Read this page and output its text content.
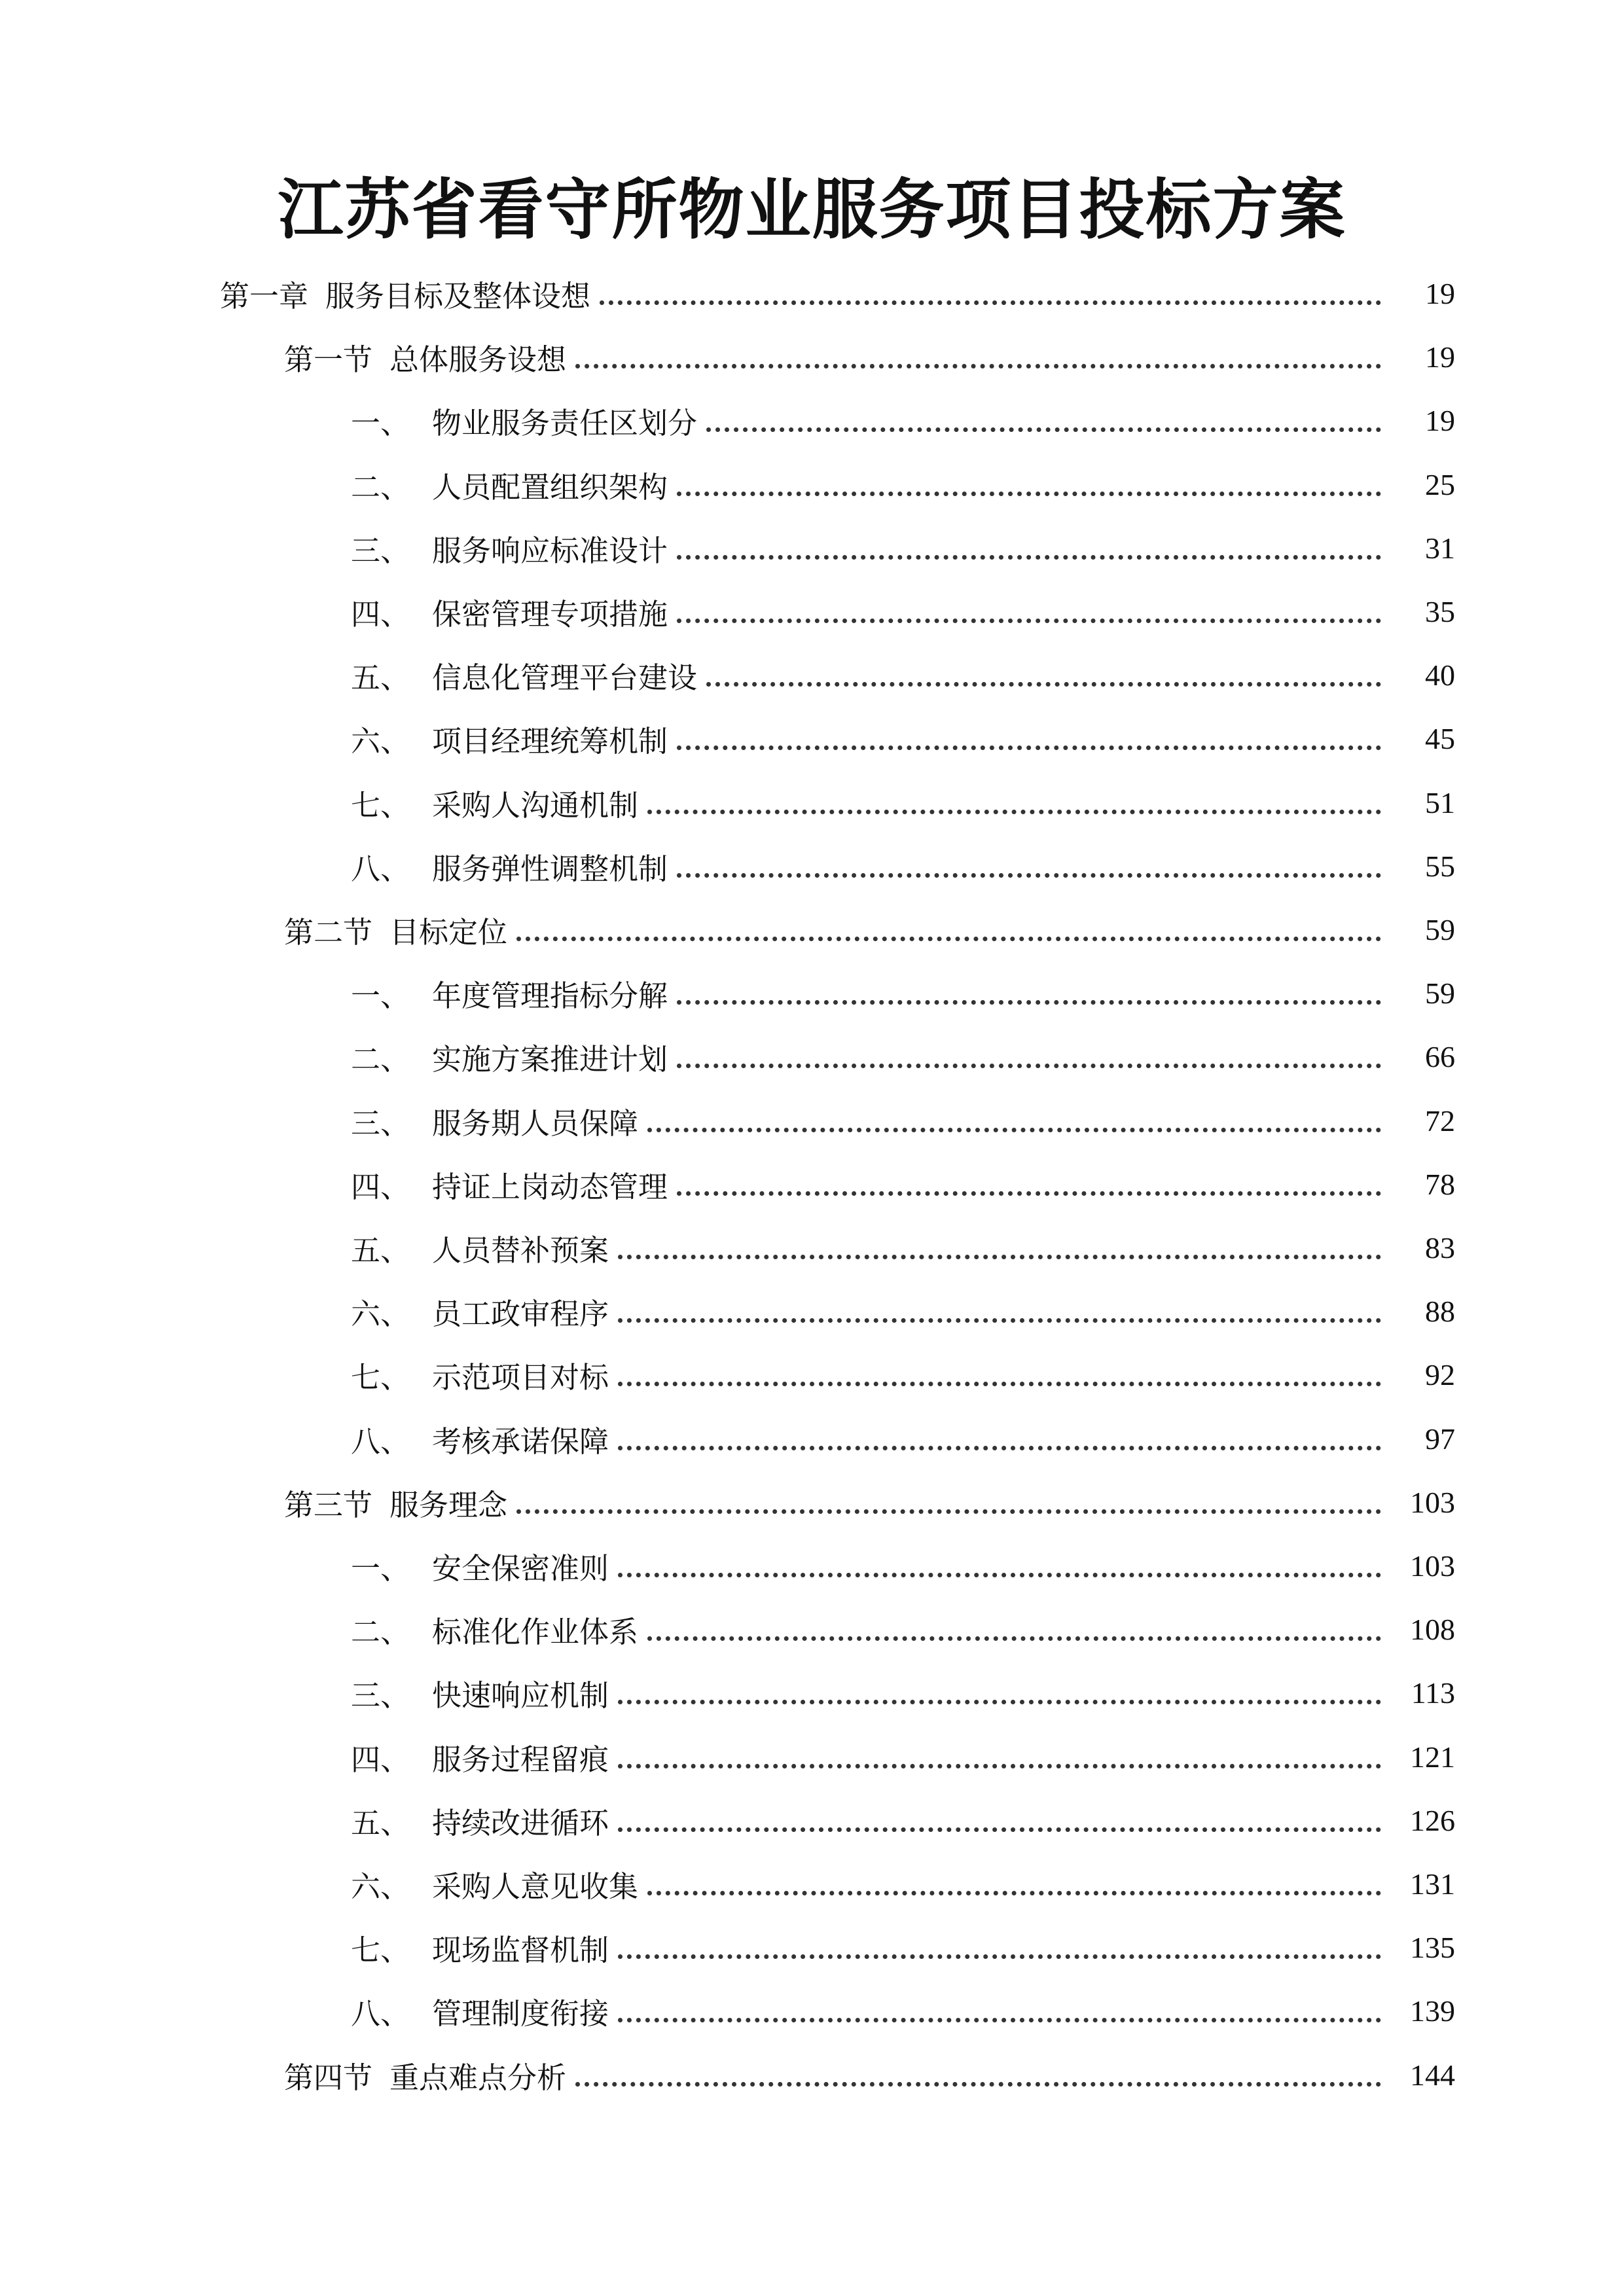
江苏省看守所物业服务项目投标方案
第一章 服务目标及整体设想	19
第一节 总体服务设想	19
一、 物业服务责任区划分	19
二、 人员配置组织架构	25
三、 服务响应标准设计	31
四、 保密管理专项措施	35
五、 信息化管理平台建设	40
六、 项目经理统筹机制	45
七、 采购人沟通机制	51
八、 服务弹性调整机制	55
第二节 目标定位	59
一、 年度管理指标分解	59
二、 实施方案推进计划	66
三、 服务期人员保障	72
四、 持证上岗动态管理	78
五、 人员替补预案	83
六、 员工政审程序	88
七、 示范项目对标	92
八、 考核承诺保障	97
第三节 服务理念	103
一、 安全保密准则	103
二、 标准化作业体系	108
三、 快速响应机制	113
四、 服务过程留痕	121
五、 持续改进循环	126
六、 采购人意见收集	131
七、 现场监督机制	135
八、 管理制度衔接	139
第四节 重点难点分析	144
